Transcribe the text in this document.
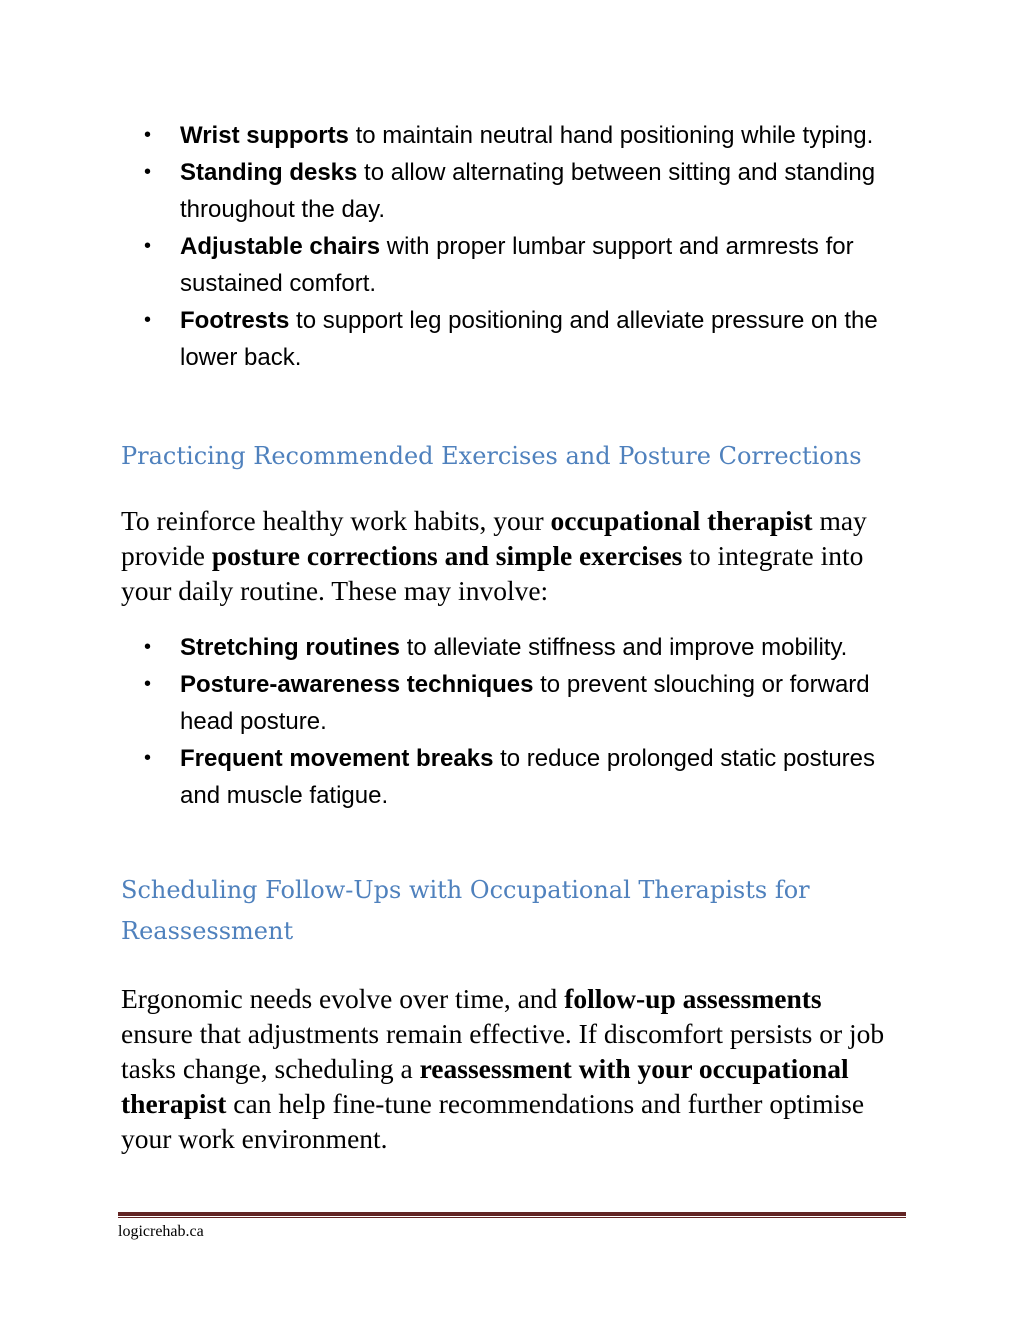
• Wrist supports to maintain neutral hand positioning while typing.
• Standing desks to allow alternating between sitting and standing throughout the day.
• Adjustable chairs with proper lumbar support and armrests for sustained comfort.
• Footrests to support leg positioning and alleviate pressure on the lower back.
Practicing Recommended Exercises and Posture Corrections

To reinforce healthy work habits, your occupational therapist may provide posture corrections and simple exercises to integrate into your daily routine. These may involve:

• Stretching routines to alleviate stiffness and improve mobility.
• Posture-awareness techniques to prevent slouching or forward head posture.
• Frequent movement breaks to reduce prolonged static postures and muscle fatigue.
Scheduling Follow-Ups with Occupational Therapists for Reassessment

Ergonomic needs evolve over time, and follow-up assessments ensure that adjustments remain effective. If discomfort persists or job tasks change, scheduling a reassessment with your occupational therapist can help fine-tune recommendations and further optimise your work environment.

logicrehab.ca
